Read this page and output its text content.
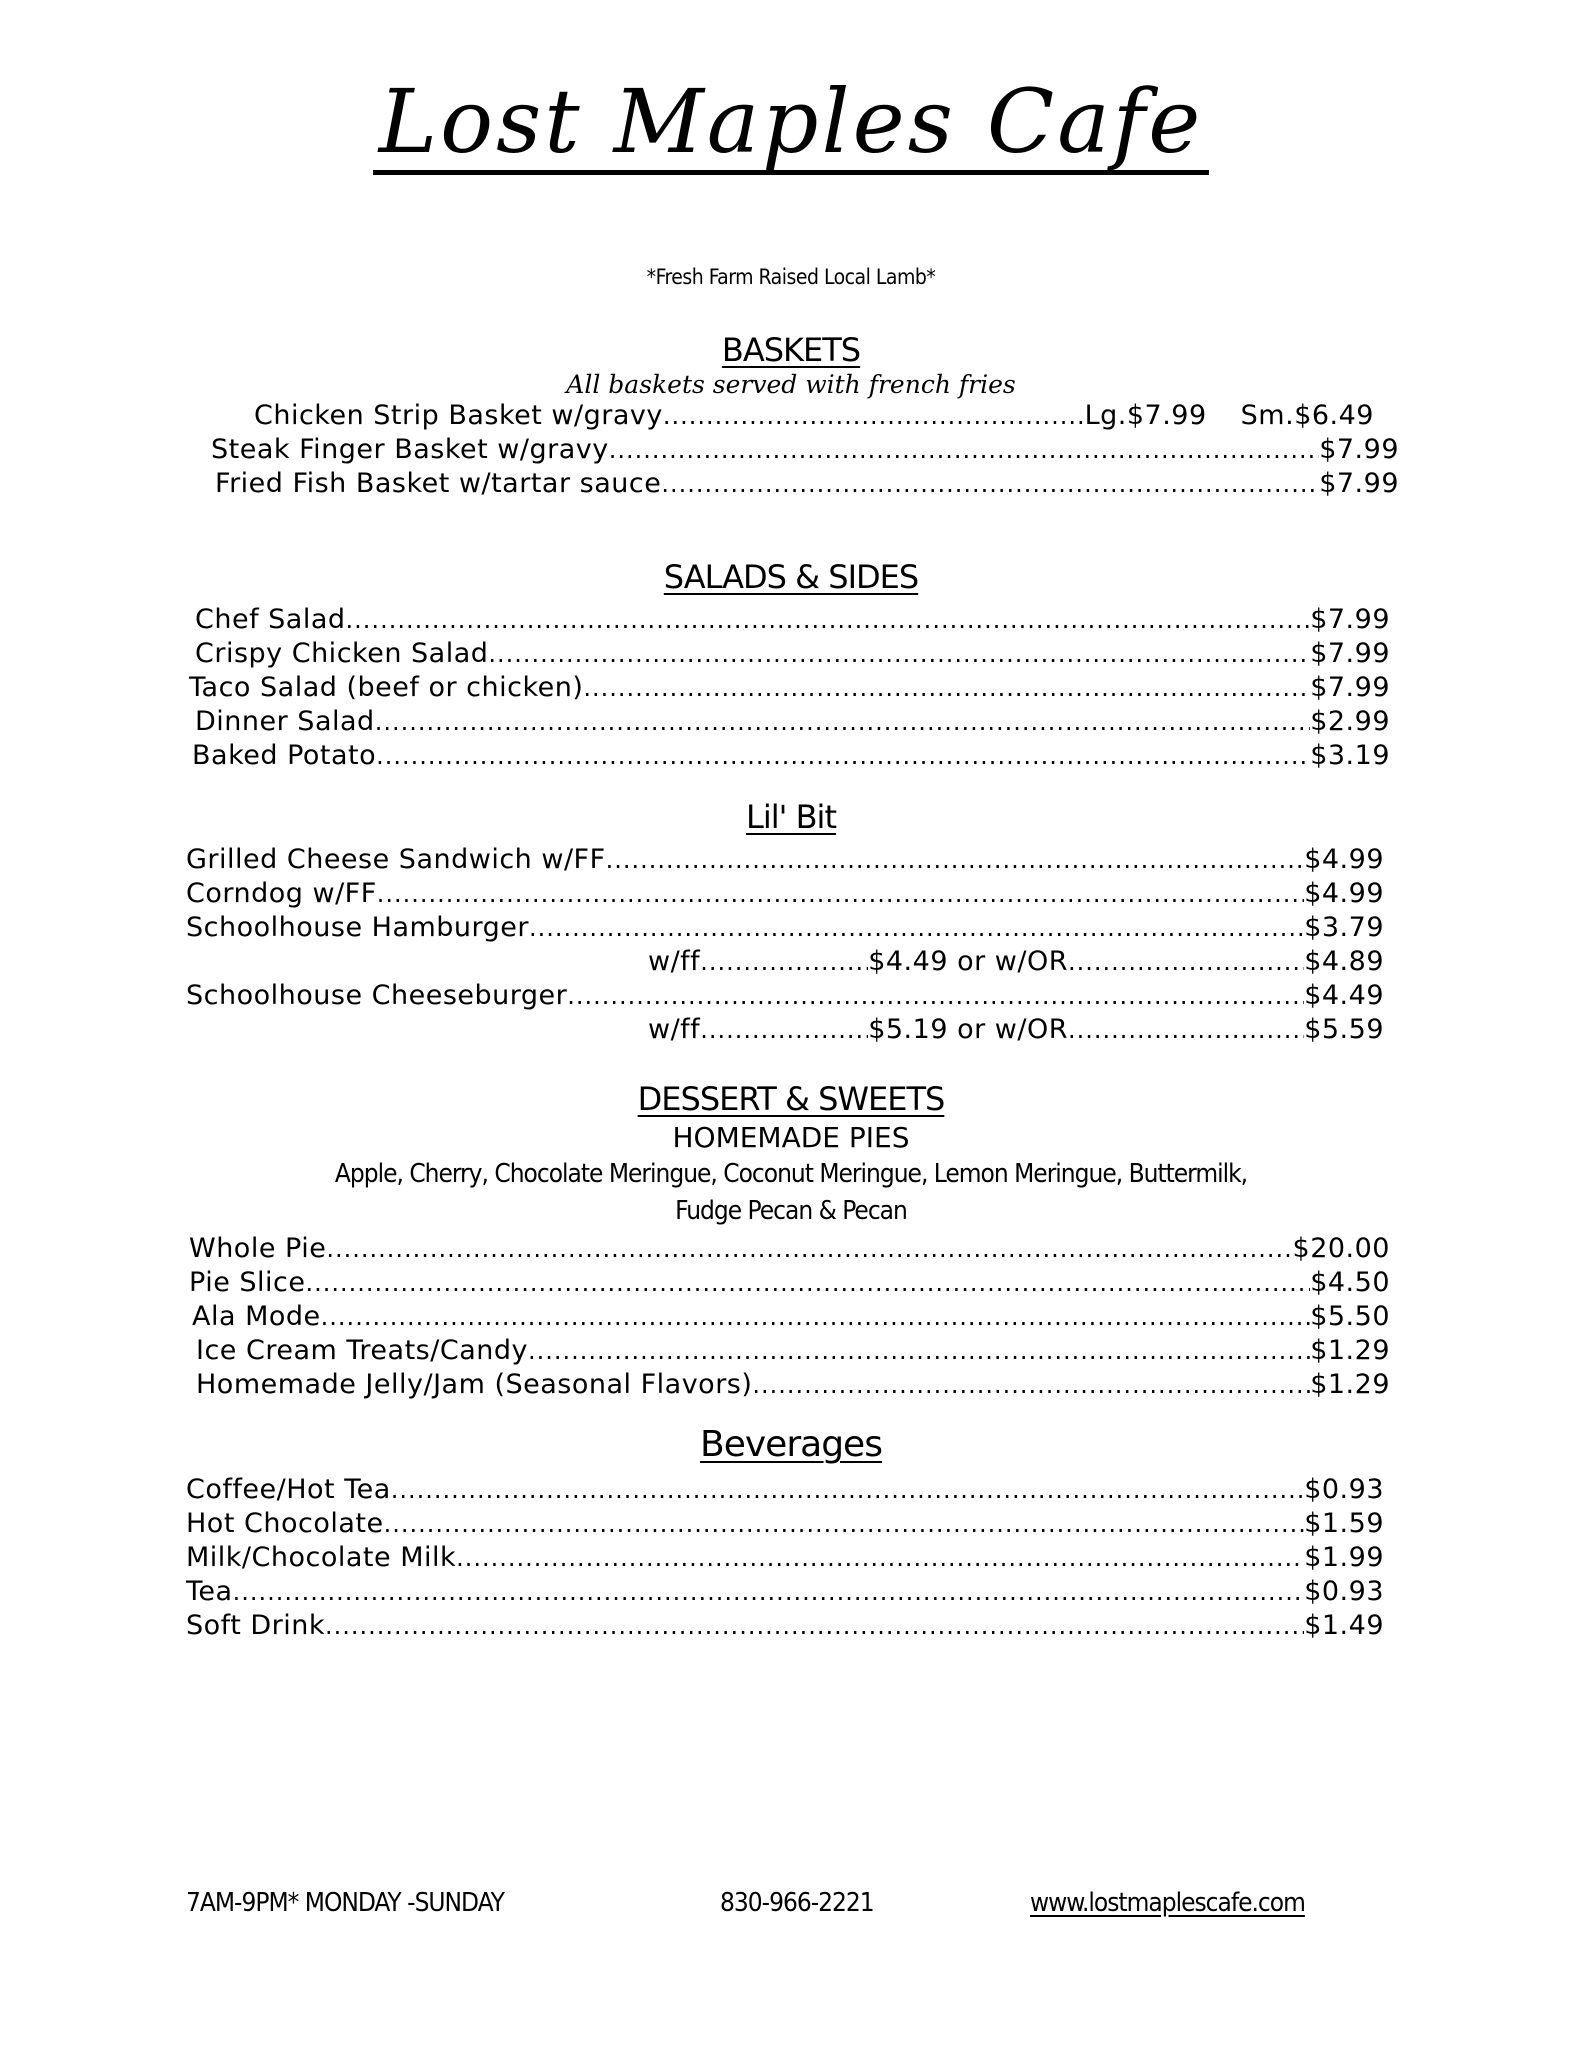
Lost Maples Cafe
*Fresh Farm Raised Local Lamb*
BASKETS
All baskets served with french fries
Chicken Strip Basket w/gravy .....	Lg.$7.99 Sm.$6.49
Steak Finger Basket w/gravy .....	$7.99
Fried Fish Basket w/tartar sauce .....	$7.99
SALADS & SIDES
Chef Salad .....	$7.99
Crispy Chicken Salad .....	$7.99
Taco Salad (beef or chicken) .....	$7.99
Dinner Salad .....	$2.99
Baked Potato .....	$3.19
Lil' Bit
Grilled Cheese Sandwich w/FF .....	$4.99
Corndog w/FF .....	$4.99
Schoolhouse Hamburger .....	$3.79
w/ff .....	$4.49 or w/OR .....	$4.89
Schoolhouse Cheeseburger .....	$4.49
w/ff .....	$5.19 or w/OR .....	$5.59
DESSERT & SWEETS
HOMEMADE PIES
Apple, Cherry, Chocolate Meringue, Coconut Meringue, Lemon Meringue, Buttermilk,
Fudge Pecan & Pecan
Whole Pie .....	$20.00
Pie Slice .....	$4.50
Ala Mode .....	$5.50
Ice Cream Treats/Candy .....	$1.29
Homemade Jelly/Jam (Seasonal Flavors) .....	$1.29
Beverages
Coffee/Hot Tea .....	$0.93
Hot Chocolate .....	$1.59
Milk/Chocolate Milk .....	$1.99
Tea .....	$0.93
Soft Drink .....	$1.49
7AM-9PM* MONDAY -SUNDAY	830-966-2221	www.lostmaplescafe.com
